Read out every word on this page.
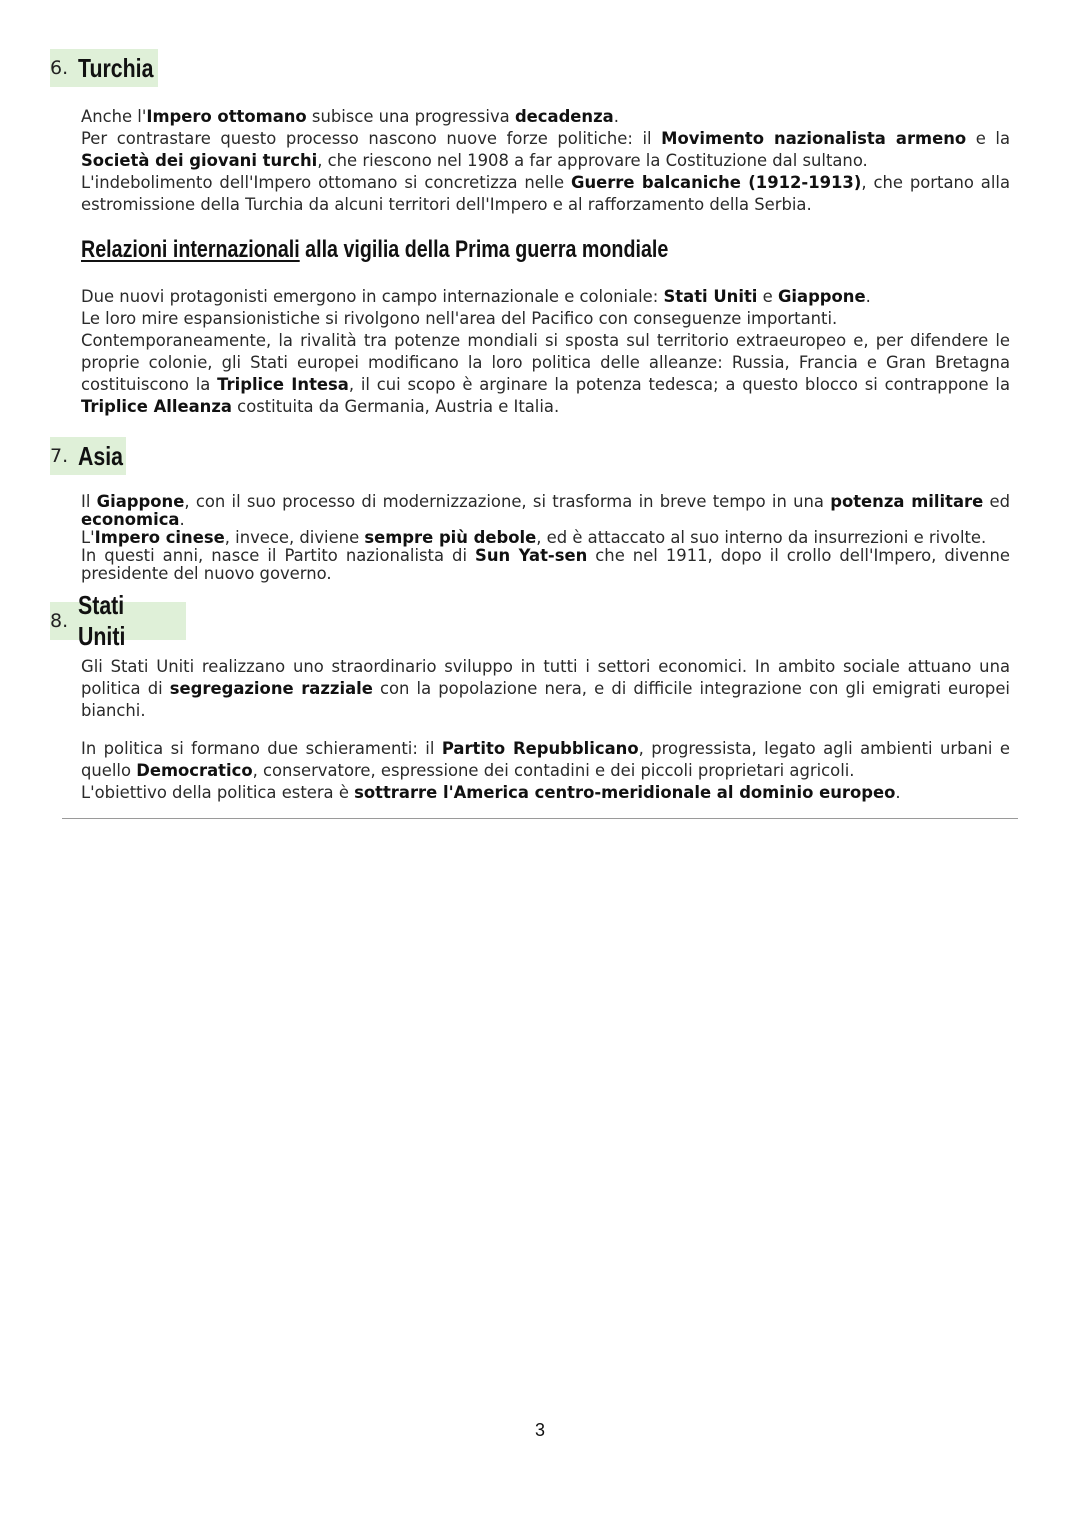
6. Turchia
Anche l'Impero ottomano subisce una progressiva decadenza.
Per contrastare questo processo nascono nuove forze politiche: il Movimento nazionalista armeno e la Società dei giovani turchi, che riescono nel 1908 a far approvare la Costituzione dal sultano.
L'indebolimento dell'Impero ottomano si concretizza nelle Guerre balcaniche (1912-1913), che portano alla estromissione della Turchia da alcuni territori dell'Impero e al rafforzamento della Serbia.
Relazioni internazionali alla vigilia della Prima guerra mondiale
Due nuovi protagonisti emergono in campo internazionale e coloniale: Stati Uniti e Giappone.
Le loro mire espansionistiche si rivolgono nell'area del Pacifico con conseguenze importanti.
Contemporaneamente, la rivalità tra potenze mondiali si sposta sul territorio extraeuropeo e, per difendere le proprie colonie, gli Stati europei modificano la loro politica delle alleanze: Russia, Francia e Gran Bretagna costituiscono la Triplice Intesa, il cui scopo è arginare la potenza tedesca; a questo blocco si contrappone la Triplice Alleanza costituita da Germania, Austria e Italia.
7. Asia
Il Giappone, con il suo processo di modernizzazione, si trasforma in breve tempo in una potenza militare ed economica.
L'Impero cinese, invece, diviene sempre più debole, ed è attaccato al suo interno da insurrezioni e rivolte.
In questi anni, nasce il Partito nazionalista di Sun Yat-sen che nel 1911, dopo il crollo dell'Impero, divenne presidente del nuovo governo.
8.
Stati Uniti
Gli Stati Uniti realizzano uno straordinario sviluppo in tutti i settori economici. In ambito sociale attuano una politica di segregazione razziale con la popolazione nera, e di difficile integrazione con gli emigrati europei bianchi.
In politica si formano due schieramenti: il Partito Repubblicano, progressista, legato agli ambienti urbani e quello Democratico, conservatore, espressione dei contadini e dei piccoli proprietari agricoli.
L'obiettivo della politica estera è sottrarre l'America centro-meridionale al dominio europeo.
3
